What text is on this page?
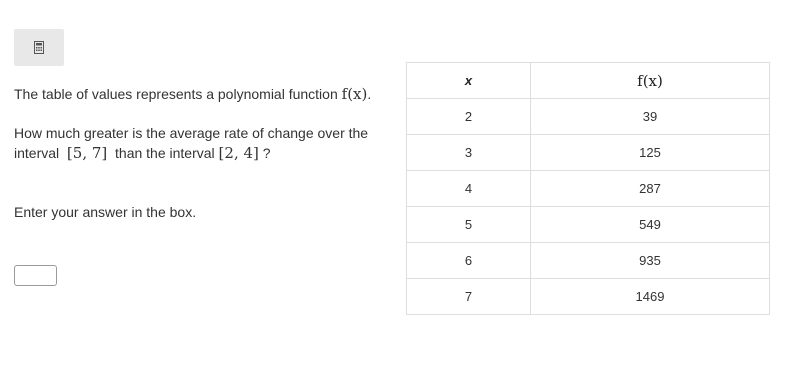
The table of values represents a polynomial function f(x).

How much greater is the average rate of change over the interval [5, 7] than the interval [2, 4] ?

Enter your answer in the box.

x	f(x)
2	39
3	125
4	287
5	549
6	935
7	1469
